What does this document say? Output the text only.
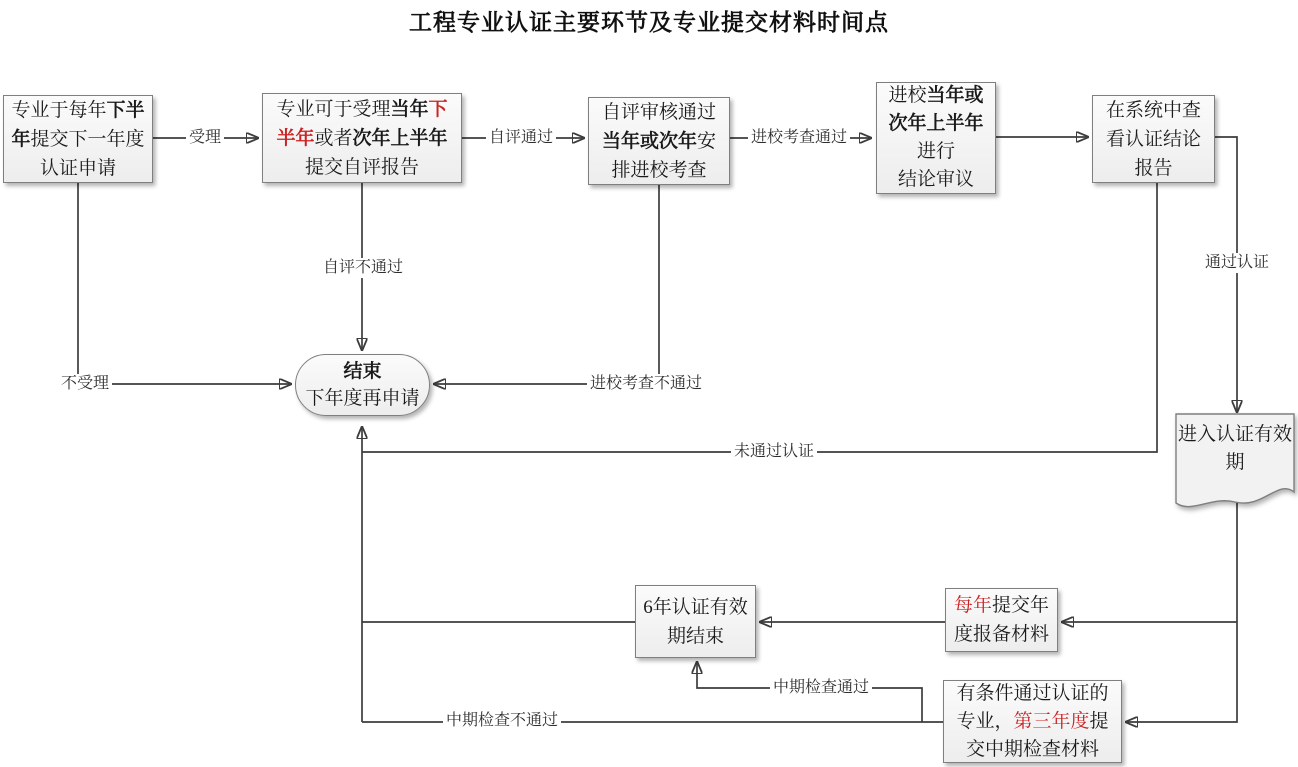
工程专业认证主要环节及专业提交材料时间点
专业于每年下半年提交下一年度认证申请
专业可于受理当年下半年或者次年上半年提交自评报告
自评审核通过当年或次年安排进校考查
进校当年或
次年上半年
进行
结论审议
在系统中查看认证结论报告
结束
下年度再申请
进入认证有效期
6年认证有效期结束
每年提交年度报备材料
有条件通过认证的专业，第三年度提交中期检查材料
受理	自评通过	进校考查通过
通过认证
自评不通过
不受理	进校考查不通过
未通过认证
中期检查通过
中期检查不通过
